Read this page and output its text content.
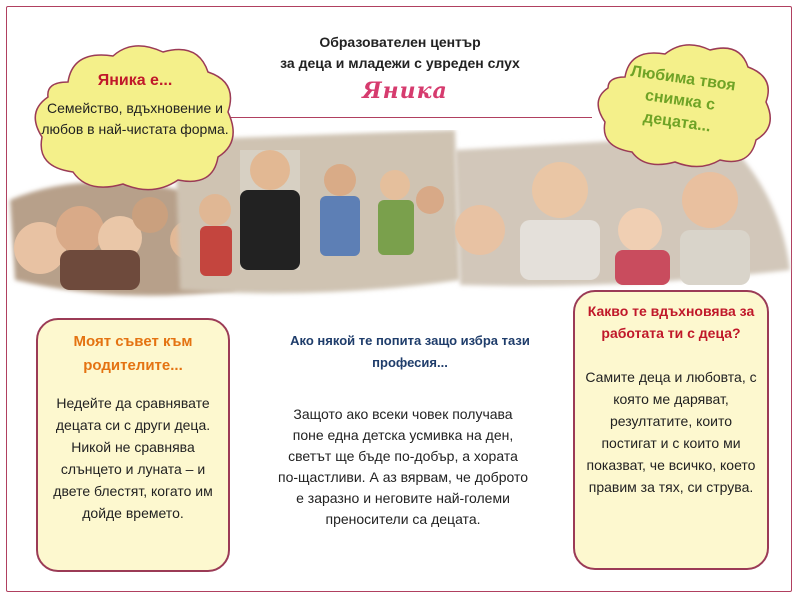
Образователен център
за деца и младежи с увреден слух
Яника
Яника е...
Семейство, вдъхновение и любов в най-чистата форма.
Любима твоя снимка с децата...
Моят съвет към родителите...
Недейте да сравнявате децата си с други деца. Никой не сравнява слънцето и луната – и двете блестят, когато им дойде времето.
Ако някой те попита защо избра тази професия...
Защото ако всеки човек получава поне една детска усмивка на ден, светът ще бъде по-добър, а хората по-щастливи. А аз вярвам, че доброто е заразно и неговите най-големи преносители са децата.
Какво те вдъхновява за работата ти с деца?
Самите деца и любовта, с която ме даряват, резултатите, които постигат и с които ми показват, че всичко, което правим за тях, си струва.
